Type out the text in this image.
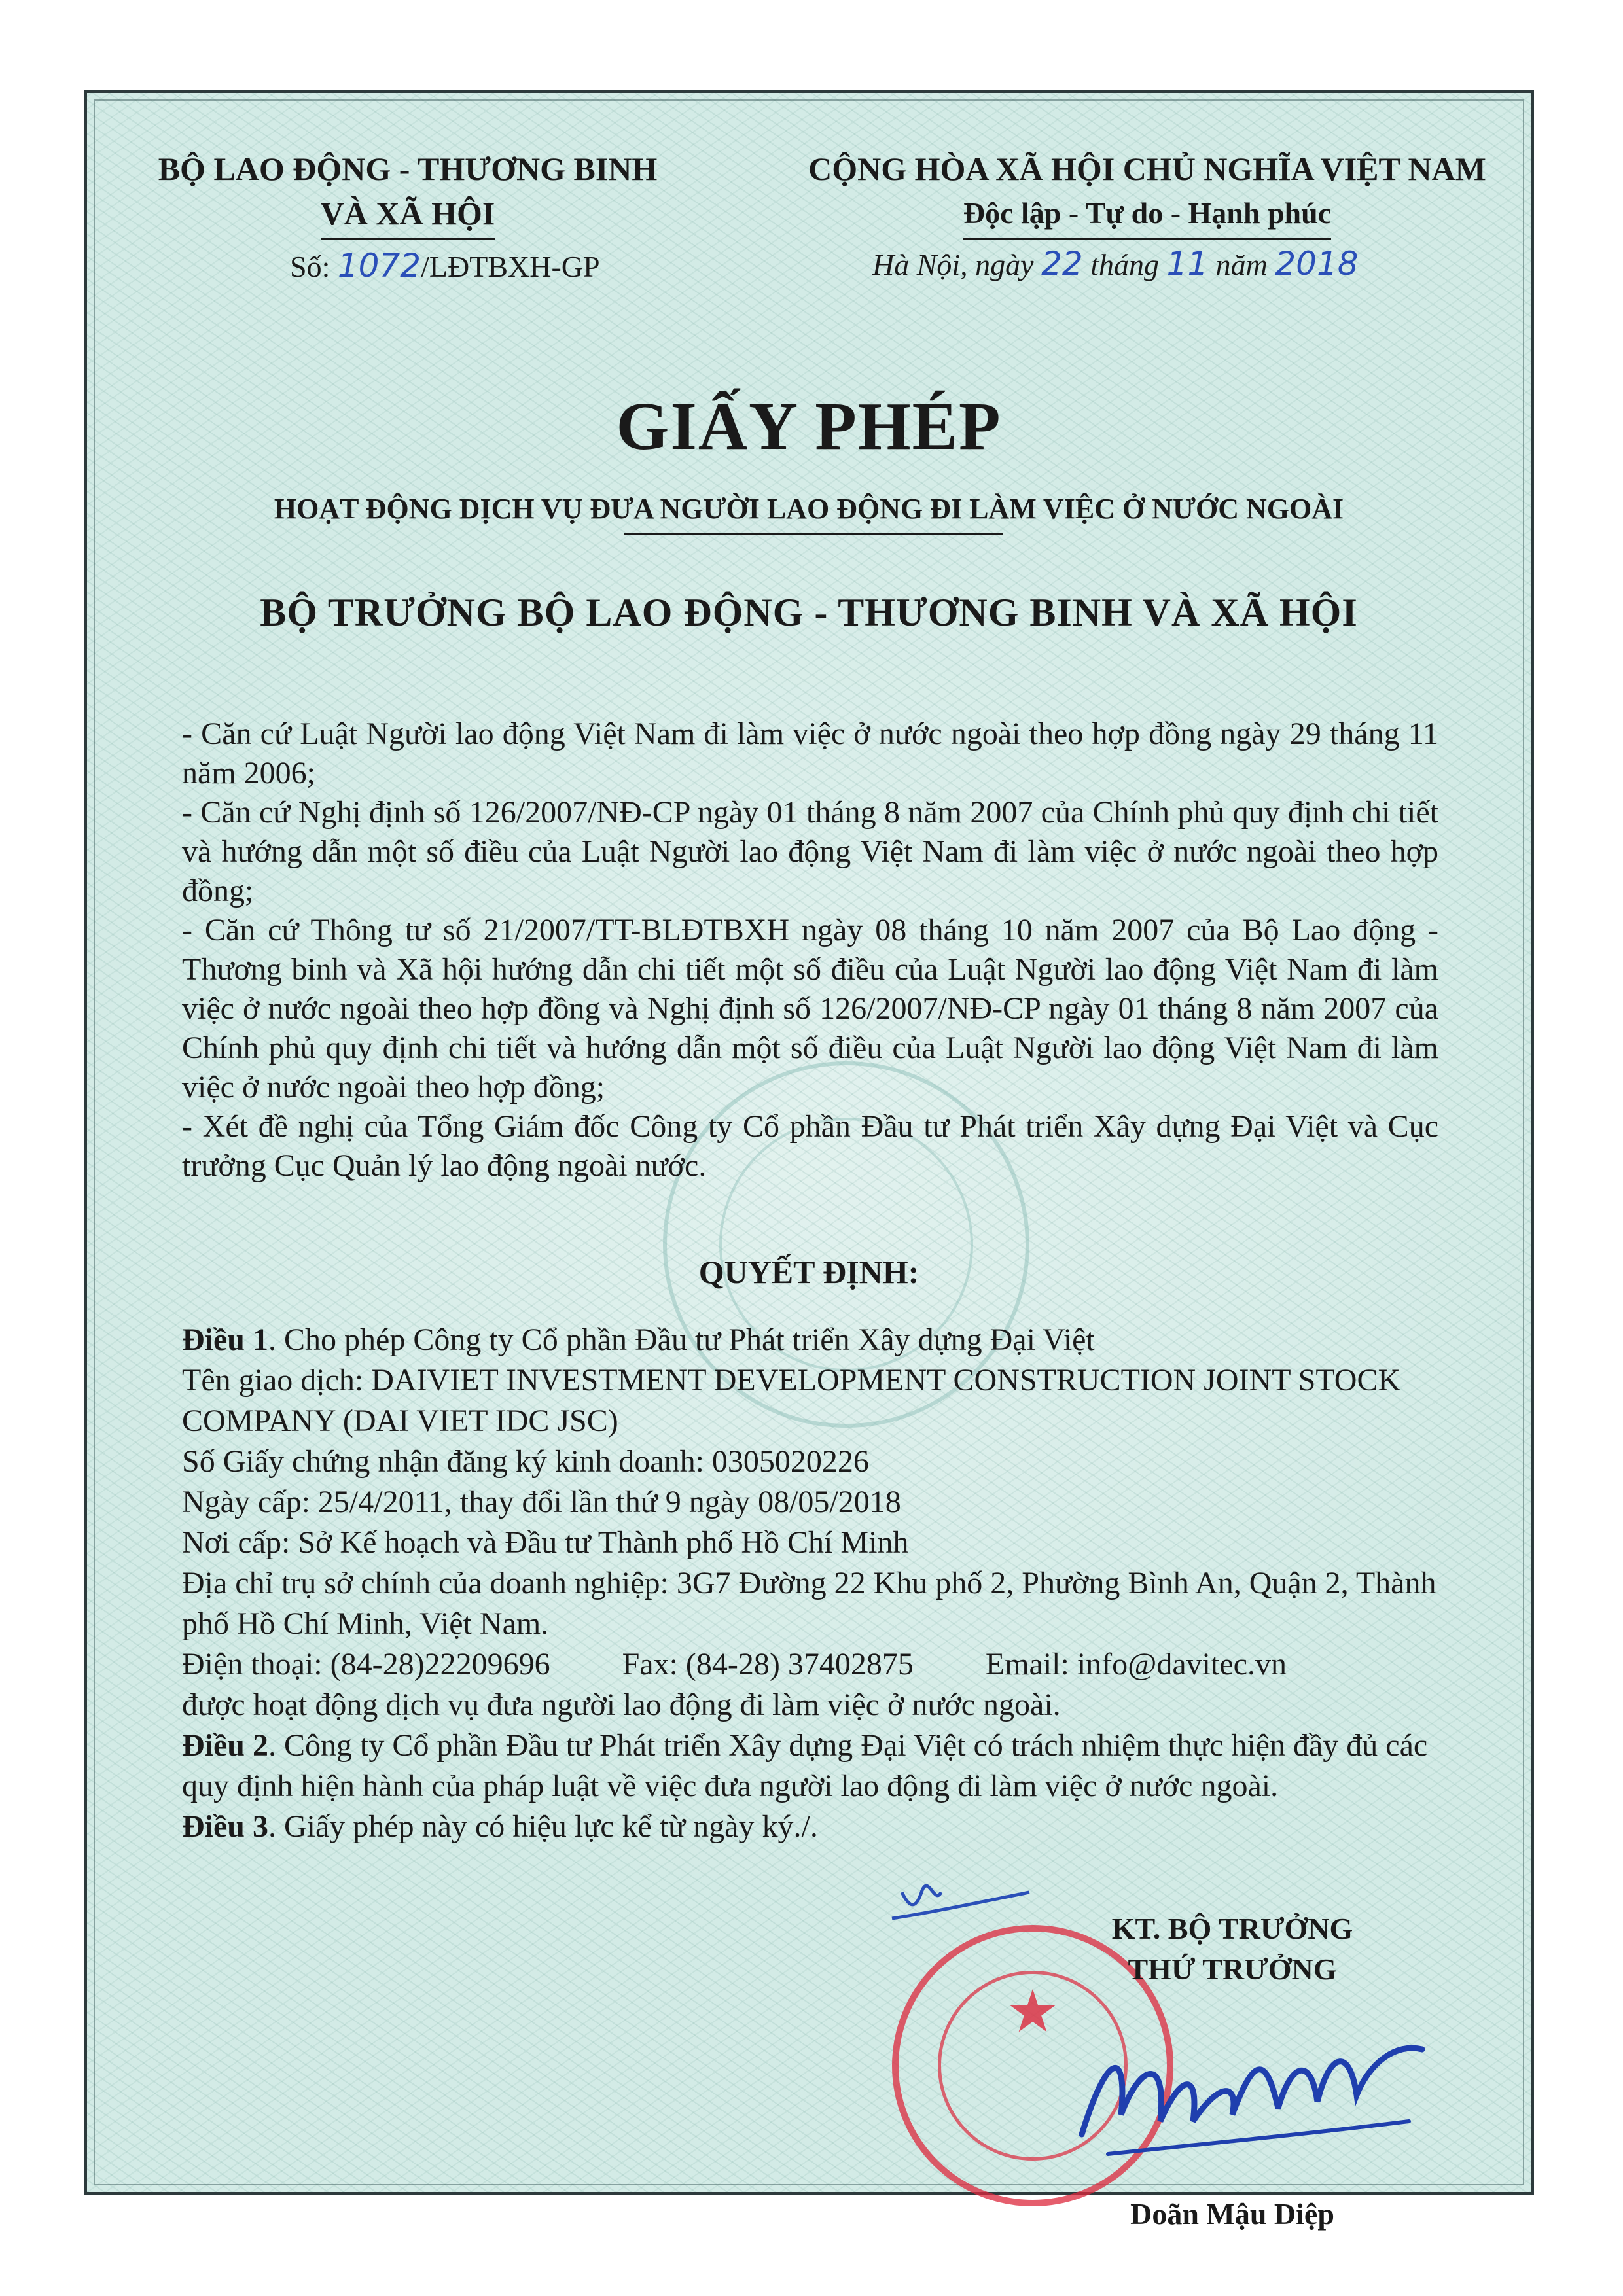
BỘ LAO ĐỘNG - THƯƠNG BINH
VÀ XÃ HỘI
Số: 1072/LĐTBXH-GP
CỘNG HÒA XÃ HỘI CHỦ NGHĨA VIỆT NAM
Độc lập - Tự do - Hạnh phúc
Hà Nội, ngày 22 tháng 11 năm 2018
GIẤY PHÉP
HOẠT ĐỘNG DỊCH VỤ ĐƯA NGƯỜI LAO ĐỘNG ĐI LÀM VIỆC Ở NƯỚC NGOÀI
BỘ TRƯỞNG BỘ LAO ĐỘNG - THƯƠNG BINH VÀ XÃ HỘI

- Căn cứ Luật Người lao động Việt Nam đi làm việc ở nước ngoài theo hợp đồng ngày 29 tháng 11 năm 2006;

- Căn cứ Nghị định số 126/2007/NĐ-CP ngày 01 tháng 8 năm 2007 của Chính phủ quy định chi tiết và hướng dẫn một số điều của Luật Người lao động Việt Nam đi làm việc ở nước ngoài theo hợp đồng;

- Căn cứ Thông tư số 21/2007/TT-BLĐTBXH ngày 08 tháng 10 năm 2007 của Bộ Lao động - Thương binh và Xã hội hướng dẫn chi tiết một số điều của Luật Người lao động Việt Nam đi làm việc ở nước ngoài theo hợp đồng và Nghị định số 126/2007/NĐ-CP ngày 01 tháng 8 năm 2007 của Chính phủ quy định chi tiết và hướng dẫn một số điều của Luật Người lao động Việt Nam đi làm việc ở nước ngoài theo hợp đồng;

- Xét đề nghị của Tổng Giám đốc Công ty Cổ phần Đầu tư Phát triển Xây dựng Đại Việt và Cục trưởng Cục Quản lý lao động ngoài nước.

QUYẾT ĐỊNH:

Điều 1. Cho phép Công ty Cổ phần Đầu tư Phát triển Xây dựng Đại Việt

Tên giao dịch: DAIVIET INVESTMENT DEVELOPMENT CONSTRUCTION JOINT STOCK COMPANY (DAI VIET IDC JSC)

Số Giấy chứng nhận đăng ký kinh doanh: 0305020226

Ngày cấp: 25/4/2011, thay đổi lần thứ 9 ngày 08/05/2018

Nơi cấp: Sở Kế hoạch và Đầu tư Thành phố Hồ Chí Minh

Địa chỉ trụ sở chính của doanh nghiệp: 3G7 Đường 22 Khu phố 2, Phường Bình An, Quận 2, Thành phố Hồ Chí Minh, Việt Nam.

Điện thoại: (84-28)22209696 Fax: (84-28) 37402875 Email: info@davitec.vn

được hoạt động dịch vụ đưa người lao động đi làm việc ở nước ngoài.

Điều 2. Công ty Cổ phần Đầu tư Phát triển Xây dựng Đại Việt có trách nhiệm thực hiện đầy đủ các quy định hiện hành của pháp luật về việc đưa người lao động đi làm việc ở nước ngoài.

Điều 3. Giấy phép này có hiệu lực kể từ ngày ký./.

★
KT. BỘ TRƯỞNG
THỨ TRƯỞNG
Doãn Mậu Diệp
